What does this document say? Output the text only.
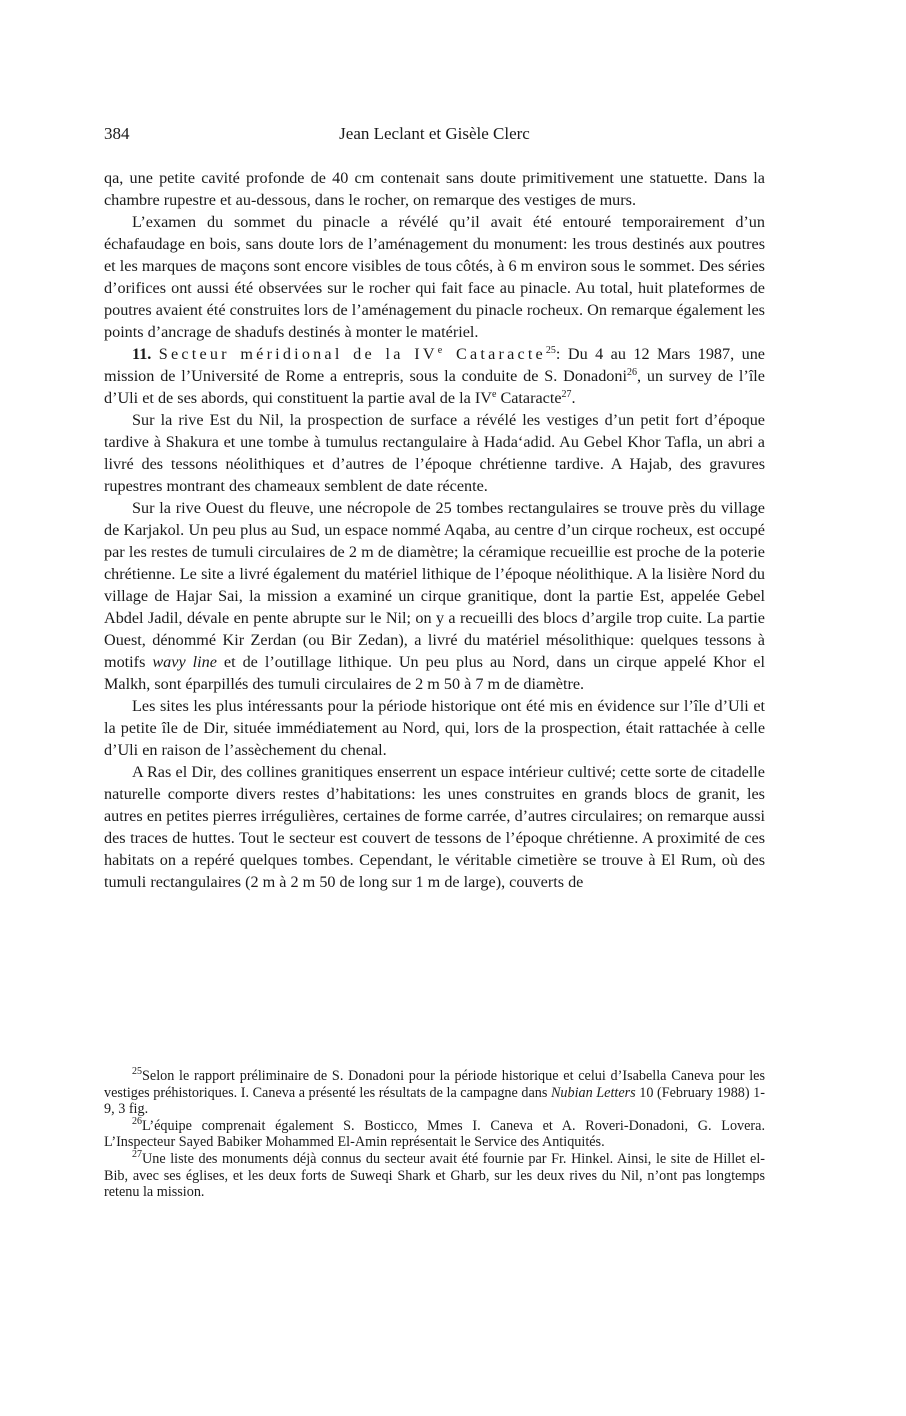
384	Jean Leclant et Gisèle Clerc

qa, une petite cavité profonde de 40 cm contenait sans doute primitivement une statuette. Dans la chambre rupestre et au-dessous, dans le rocher, on remarque des vestiges de murs.

L’examen du sommet du pinacle a révélé qu’il avait été entouré temporairement d’un échafaudage en bois, sans doute lors de l’aménagement du monument: les trous destinés aux poutres et les marques de maçons sont encore visibles de tous côtés, à 6 m environ sous le sommet. Des séries d’orifices ont aussi été observées sur le rocher qui fait face au pinacle. Au total, huit plateformes de poutres avaient été construites lors de l’aménagement du pinacle rocheux. On remarque également les points d’ancrage de shadufs destinés à monter le matériel.

11. Secteur méridional de la IVe Cataracte$^{25}$: Du 4 au 12 Mars 1987, une mission de l’Université de Rome a entrepris, sous la conduite de S. Donadoni$^{26}$, un survey de l’île d’Uli et de ses abords, qui constituent la partie aval de la IVe Cataracte$^{27}$.

Sur la rive Est du Nil, la prospection de surface a révélé les vestiges d’un petit fort d’époque tardive à Shakura et une tombe à tumulus rectangulaire à Hada‘adid. Au Gebel Khor Tafla, un abri a livré des tessons néolithiques et d’autres de l’époque chrétienne tardive. A Hajab, des gravures rupestres montrant des chameaux semblent de date récente.

Sur la rive Ouest du fleuve, une nécropole de 25 tombes rectangulaires se trouve près du village de Karjakol. Un peu plus au Sud, un espace nommé Aqaba, au centre d’un cirque rocheux, est occupé par les restes de tumuli circulaires de 2 m de diamètre; la céramique recueillie est proche de la poterie chrétienne. Le site a livré également du matériel lithique de l’époque néolithique. A la lisière Nord du village de Hajar Sai, la mission a examiné un cirque granitique, dont la partie Est, appelée Gebel Abdel Jadil, dévale en pente abrupte sur le Nil; on y a recueilli des blocs d’argile trop cuite. La partie Ouest, dénommé Kir Zerdan (ou Bir Zedan), a livré du matériel mésolithique: quelques tessons à motifs wavy line et de l’outillage lithique. Un peu plus au Nord, dans un cirque appelé Khor el Malkh, sont éparpillés des tumuli circulaires de 2 m 50 à 7 m de diamètre.

Les sites les plus intéressants pour la période historique ont été mis en évidence sur l’île d’Uli et la petite île de Dir, située immédiatement au Nord, qui, lors de la prospection, était rattachée à celle d’Uli en raison de l’assèchement du chenal.

A Ras el Dir, des collines granitiques enserrent un espace intérieur cultivé; cette sorte de citadelle naturelle comporte divers restes d’habitations: les unes construites en grands blocs de granit, les autres en petites pierres irrégulières, certaines de forme carrée, d’autres circulaires; on remarque aussi des traces de huttes. Tout le secteur est couvert de tessons de l’époque chrétienne. A proximité de ces habitats on a repéré quelques tombes. Cependant, le véritable cimetière se trouve à El Rum, où des tumuli rectangulaires (2 m à 2 m 50 de long sur 1 m de large), couverts de

$^{25}$Selon le rapport préliminaire de S. Donadoni pour la période historique et celui d’Isabella Caneva pour les vestiges préhistoriques. I. Caneva a présenté les résultats de la campagne dans Nubian Letters 10 (February 1988) 1-9, 3 fig.

$^{26}$L’équipe comprenait également S. Bosticco, Mmes I. Caneva et A. Roveri-Donadoni, G. Lovera. L’Inspecteur Sayed Babiker Mohammed El-Amin représentait le Service des Antiquités.

$^{27}$Une liste des monuments déjà connus du secteur avait été fournie par Fr. Hinkel. Ainsi, le site de Hillet el-Bib, avec ses églises, et les deux forts de Suweqi Shark et Gharb, sur les deux rives du Nil, n’ont pas longtemps retenu la mission.
